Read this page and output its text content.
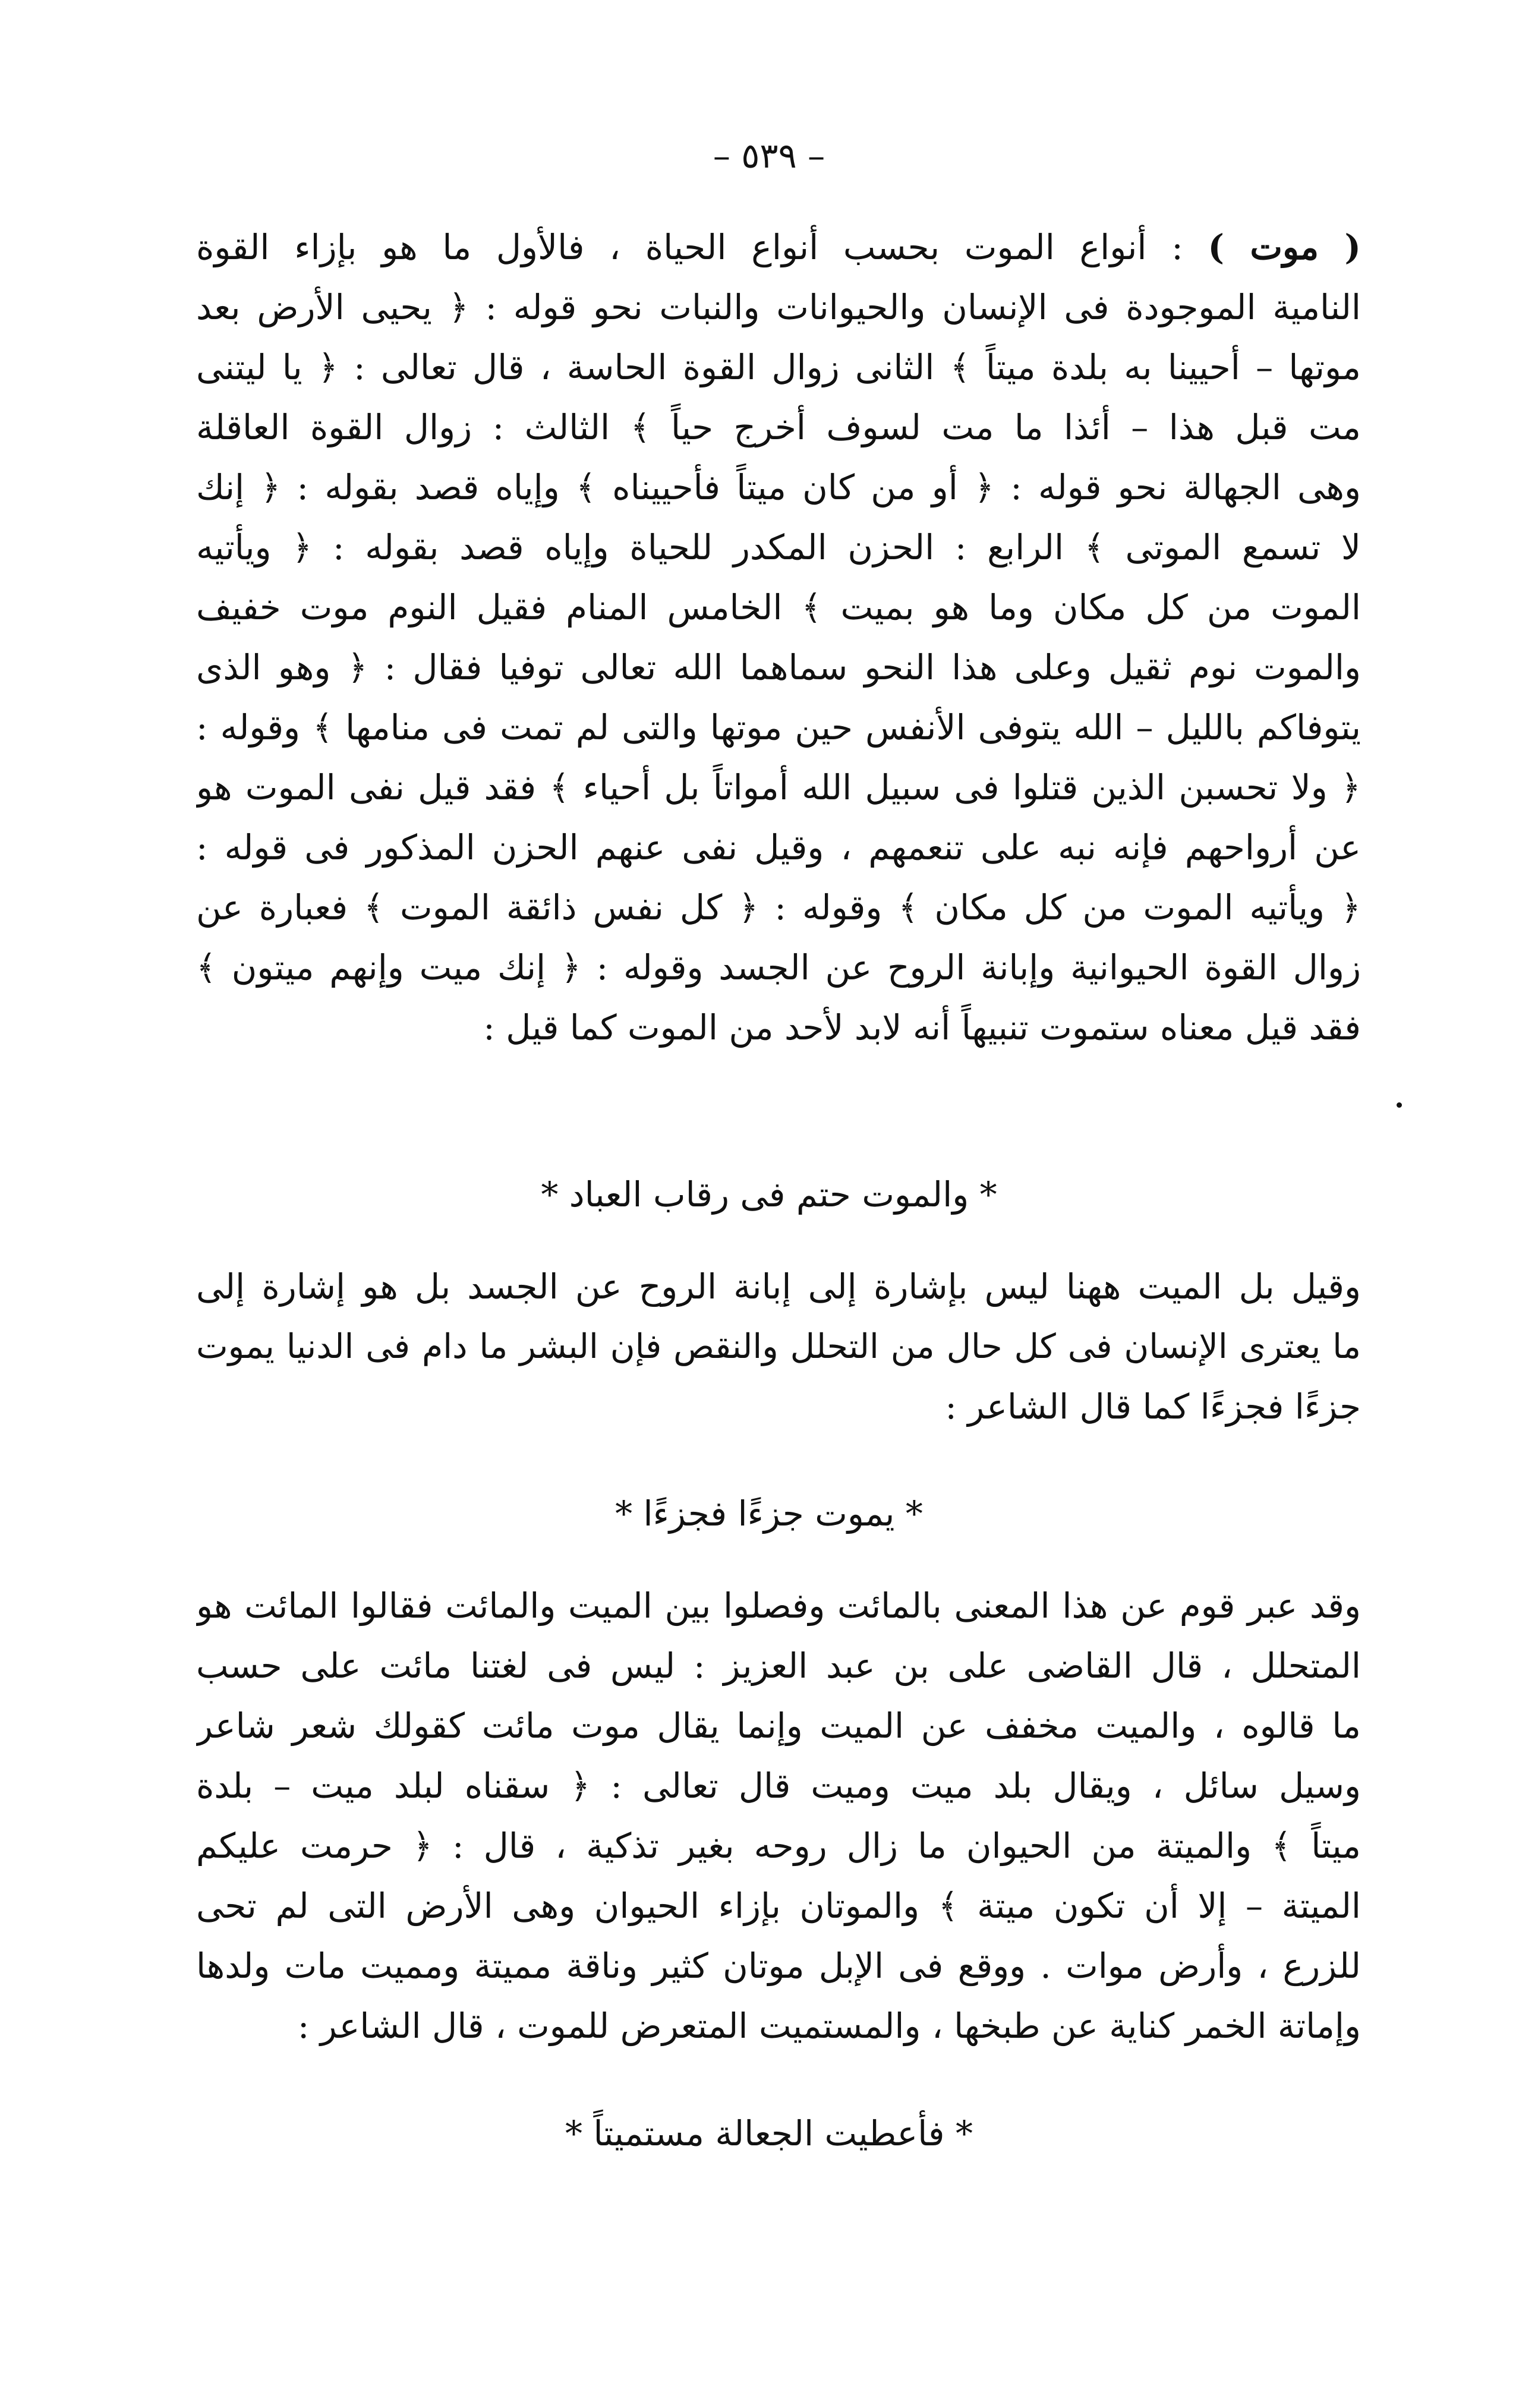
– ٥٣٩ –
( موت ) : أنواع الموت بحسب أنواع الحياة ، فالأول ما هو بإزاء القوة
النامية الموجودة فى الإنسان والحيوانات والنبات نحو قوله : ﴿ يحيى الأرض بعد
موتها – أحيينا به بلدة ميتاً ﴾ الثانى زوال القوة الحاسة ، قال تعالى : ﴿ يا ليتنى
مت قبل هذا – أئذا ما مت لسوف أخرج حياً ﴾ الثالث : زوال القوة العاقلة
وهى الجهالة نحو قوله : ﴿ أو من كان ميتاً فأحييناه ﴾ وإياه قصد بقوله : ﴿ إنك
لا تسمع الموتى ﴾ الرابع : الحزن المكدر للحياة وإياه قصد بقوله : ﴿ ويأتيه
الموت من كل مكان وما هو بميت ﴾ الخامس المنام فقيل النوم موت خفيف
والموت نوم ثقيل وعلى هذا النحو سماهما الله تعالى توفيا فقال : ﴿ وهو الذى
يتوفاكم بالليل – الله يتوفى الأنفس حين موتها والتى لم تمت فى منامها ﴾ وقوله :
﴿ ولا تحسبن الذين قتلوا فى سبيل الله أمواتاً بل أحياء ﴾ فقد قيل نفى الموت هو
عن أرواحهم فإنه نبه على تنعمهم ، وقيل نفى عنهم الحزن المذكور فى قوله :
﴿ ويأتيه الموت من كل مكان ﴾ وقوله : ﴿ كل نفس ذائقة الموت ﴾ فعبارة عن
زوال القوة الحيوانية وإبانة الروح عن الجسد وقوله : ﴿ إنك ميت وإنهم ميتون ﴾
فقد قيل معناه ستموت تنبيهاً أنه لابد لأحد من الموت كما قيل :
* والموت حتم فى رقاب العباد *
وقيل بل الميت ههنا ليس بإشارة إلى إبانة الروح عن الجسد بل هو إشارة إلى
ما يعترى الإنسان فى كل حال من التحلل والنقص فإن البشر ما دام فى الدنيا يموت
جزءًا فجزءًا كما قال الشاعر :
* يموت جزءًا فجزءًا *
وقد عبر قوم عن هذا المعنى بالمائت وفصلوا بين الميت والمائت فقالوا المائت هو
المتحلل ، قال القاضى على بن عبد العزيز : ليس فى لغتنا مائت على حسب
ما قالوه ، والميت مخفف عن الميت وإنما يقال موت مائت كقولك شعر شاعر
وسيل سائل ، ويقال بلد ميت وميت قال تعالى : ﴿ سقناه لبلد ميت – بلدة
ميتاً ﴾ والميتة من الحيوان ما زال روحه بغير تذكية ، قال : ﴿ حرمت عليكم
الميتة – إلا أن تكون ميتة ﴾ والموتان بإزاء الحيوان وهى الأرض التى لم تحى
للزرع ، وأرض موات . ووقع فى الإبل موتان كثير وناقة مميتة ومميت مات ولدها
وإماتة الخمر كناية عن طبخها ، والمستميت المتعرض للموت ، قال الشاعر :
* فأعطيت الجعالة مستميتاً *
